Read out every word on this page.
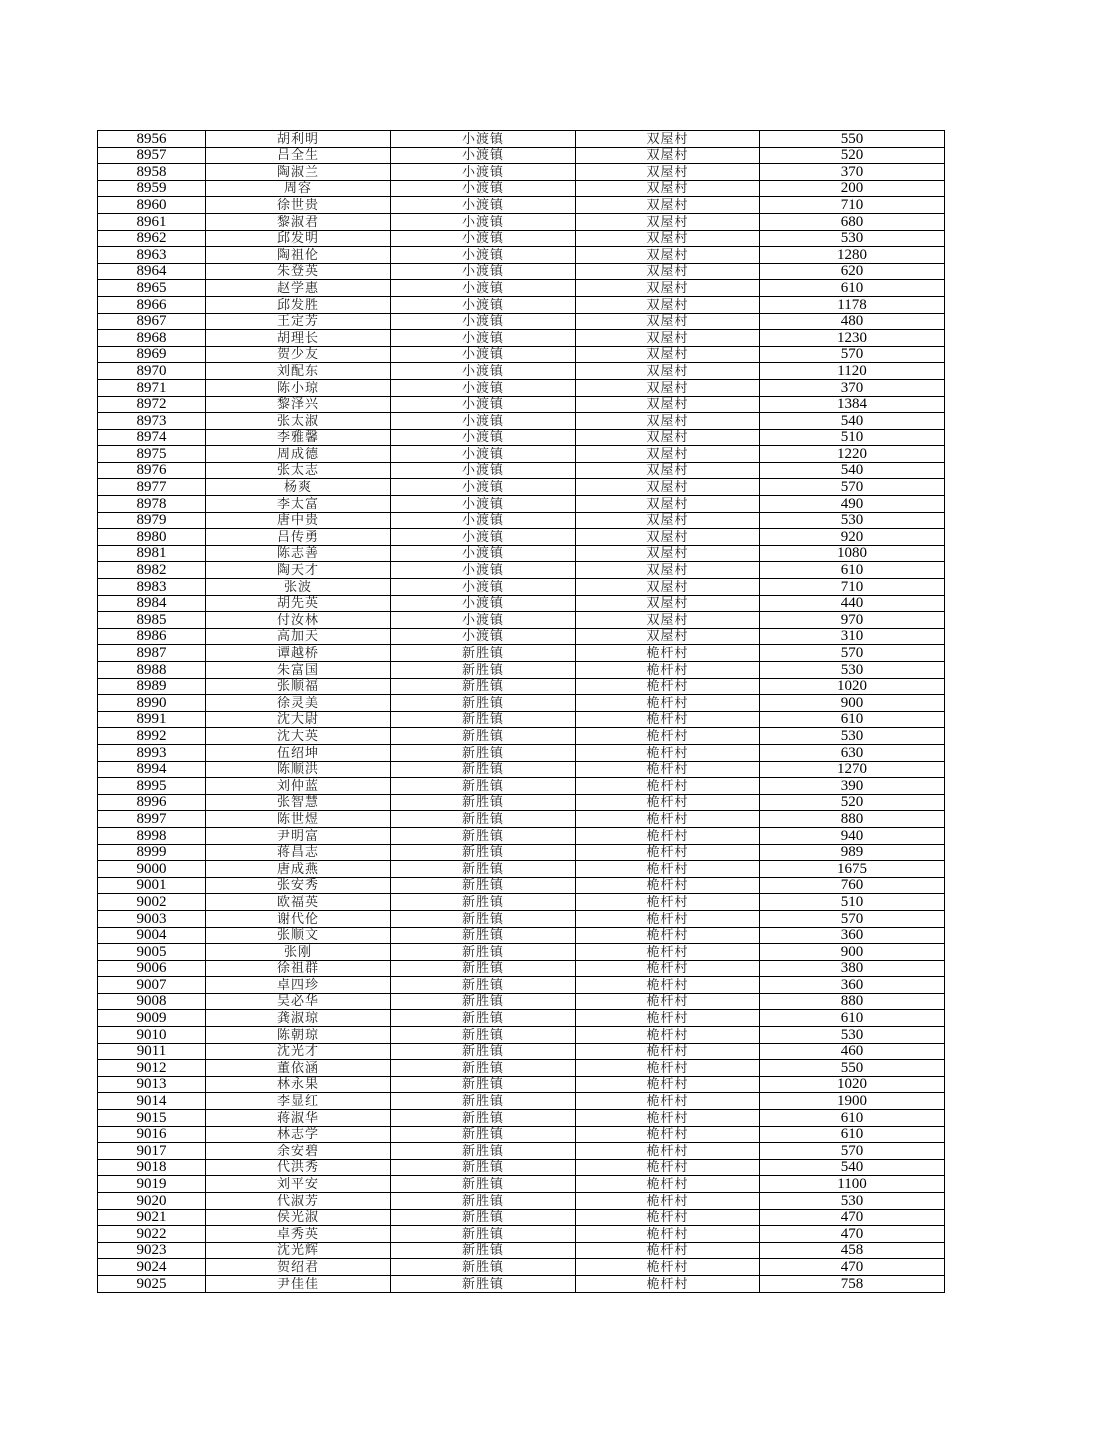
8956	胡利明	小渡镇	双屋村	550
8957	吕全生	小渡镇	双屋村	520
8958	陶淑兰	小渡镇	双屋村	370
8959	周容	小渡镇	双屋村	200
8960	徐世贵	小渡镇	双屋村	710
8961	黎淑君	小渡镇	双屋村	680
8962	邱发明	小渡镇	双屋村	530
8963	陶祖伦	小渡镇	双屋村	1280
8964	朱登英	小渡镇	双屋村	620
8965	赵学惠	小渡镇	双屋村	610
8966	邱发胜	小渡镇	双屋村	1178
8967	王定芳	小渡镇	双屋村	480
8968	胡理长	小渡镇	双屋村	1230
8969	贺少友	小渡镇	双屋村	570
8970	刘配东	小渡镇	双屋村	1120
8971	陈小琼	小渡镇	双屋村	370
8972	黎泽兴	小渡镇	双屋村	1384
8973	张太淑	小渡镇	双屋村	540
8974	李雅馨	小渡镇	双屋村	510
8975	周成德	小渡镇	双屋村	1220
8976	张太志	小渡镇	双屋村	540
8977	杨爽	小渡镇	双屋村	570
8978	李太富	小渡镇	双屋村	490
8979	唐中贵	小渡镇	双屋村	530
8980	吕传勇	小渡镇	双屋村	920
8981	陈志善	小渡镇	双屋村	1080
8982	陶天才	小渡镇	双屋村	610
8983	张波	小渡镇	双屋村	710
8984	胡先英	小渡镇	双屋村	440
8985	付汝林	小渡镇	双屋村	970
8986	高加天	小渡镇	双屋村	310
8987	谭越桥	新胜镇	桅杆村	570
8988	朱富国	新胜镇	桅杆村	530
8989	张顺福	新胜镇	桅杆村	1020
8990	徐灵美	新胜镇	桅杆村	900
8991	沈大尉	新胜镇	桅杆村	610
8992	沈大英	新胜镇	桅杆村	530
8993	伍绍坤	新胜镇	桅杆村	630
8994	陈顺洪	新胜镇	桅杆村	1270
8995	刘仲蓝	新胜镇	桅杆村	390
8996	张智慧	新胜镇	桅杆村	520
8997	陈世煜	新胜镇	桅杆村	880
8998	尹明富	新胜镇	桅杆村	940
8999	蒋昌志	新胜镇	桅杆村	989
9000	唐成燕	新胜镇	桅杆村	1675
9001	张安秀	新胜镇	桅杆村	760
9002	欧福英	新胜镇	桅杆村	510
9003	谢代伦	新胜镇	桅杆村	570
9004	张顺文	新胜镇	桅杆村	360
9005	张刚	新胜镇	桅杆村	900
9006	徐祖群	新胜镇	桅杆村	380
9007	卓四珍	新胜镇	桅杆村	360
9008	吴必华	新胜镇	桅杆村	880
9009	龚淑琼	新胜镇	桅杆村	610
9010	陈朝琼	新胜镇	桅杆村	530
9011	沈光才	新胜镇	桅杆村	460
9012	董依涵	新胜镇	桅杆村	550
9013	林永果	新胜镇	桅杆村	1020
9014	李显红	新胜镇	桅杆村	1900
9015	蒋淑华	新胜镇	桅杆村	610
9016	林志学	新胜镇	桅杆村	610
9017	余安碧	新胜镇	桅杆村	570
9018	代洪秀	新胜镇	桅杆村	540
9019	刘平安	新胜镇	桅杆村	1100
9020	代淑芳	新胜镇	桅杆村	530
9021	侯光淑	新胜镇	桅杆村	470
9022	卓秀英	新胜镇	桅杆村	470
9023	沈光辉	新胜镇	桅杆村	458
9024	贺绍君	新胜镇	桅杆村	470
9025	尹佳佳	新胜镇	桅杆村	758
